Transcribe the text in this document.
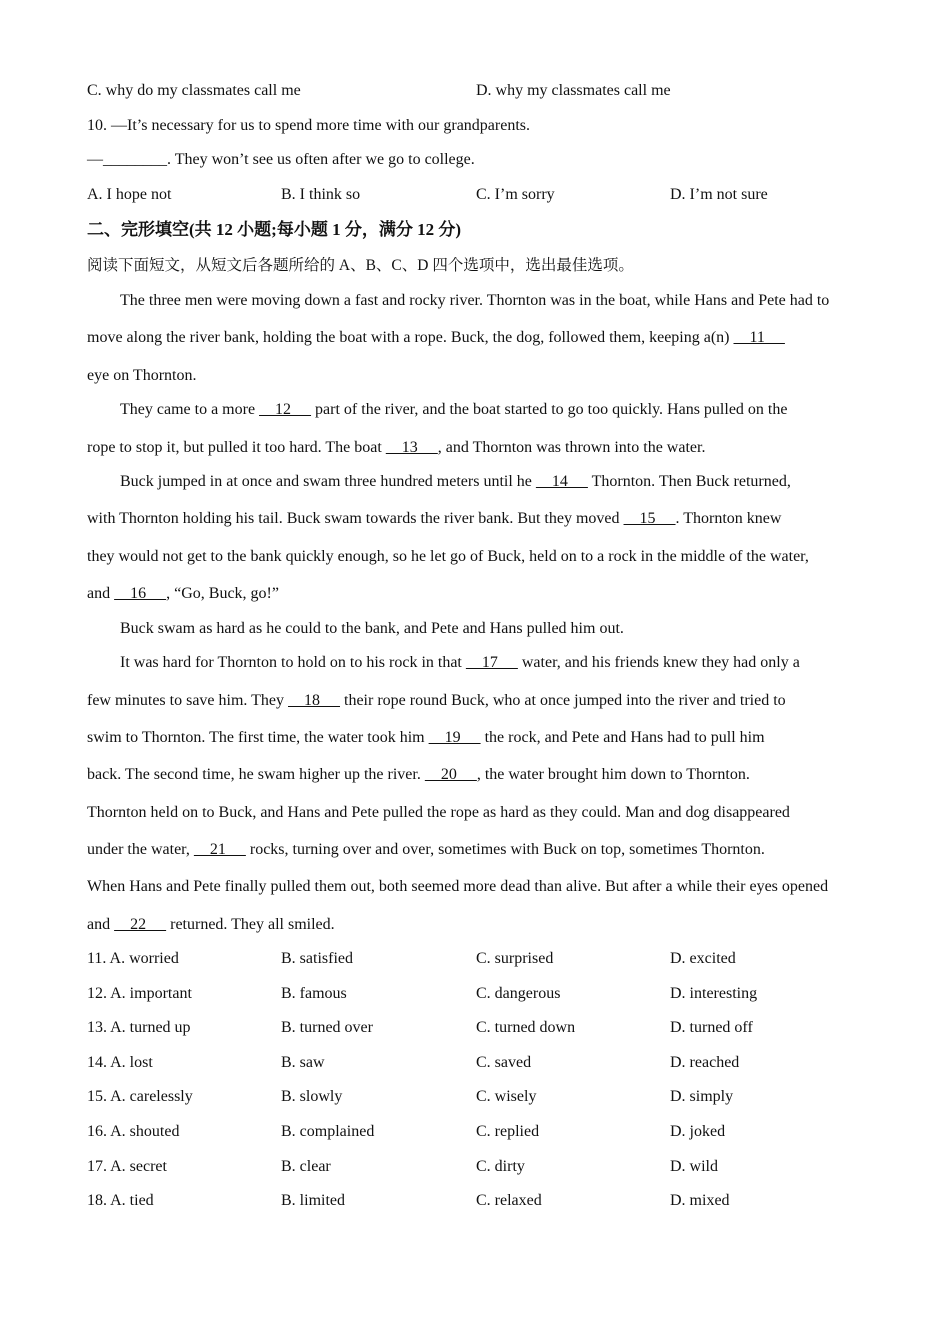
C. why do my classmates call me	D. why my classmates call me
10. —It’s necessary for us to spend more time with our grandparents.
—________. They won’t see us often after we go to college.
A. I hope not	B. I think so	C. I’m sorry	D. I’m not sure
二、完形填空(共 12 小题;每小题 1 分，满分 12 分)
阅读下面短文，从短文后各题所给的 A、B、C、D 四个选项中，选出最佳选项。
The three men were moving down a fast and rocky river. Thornton was in the boat, while Hans and Pete had to
move along the river bank, holding the boat with a rope. Buck, the dog, followed them, keeping a(n)     11
eye on Thornton.
They came to a more     12      part of the river, and the boat started to go too quickly. Hans pulled on the
rope to stop it, but pulled it too hard. The boat     13     , and Thornton was thrown into the water.
Buck jumped in at once and swam three hundred meters until he     14      Thornton. Then Buck returned,
with Thornton holding his tail. Buck swam towards the river bank. But they moved     15     . Thornton knew
they would not get to the bank quickly enough, so he let go of Buck, held on to a rock in the middle of the water,
and     16     , “Go, Buck, go!”
Buck swam as hard as he could to the bank, and Pete and Hans pulled him out.
It was hard for Thornton to hold on to his rock in that     17      water, and his friends knew they had only a
few minutes to save him. They     18      their rope round Buck, who at once jumped into the river and tried to
swim to Thornton. The first time, the water took him     19      the rock, and Pete and Hans had to pull him
back. The second time, he swam higher up the river.     20     , the water brought him down to Thornton.
Thornton held on to Buck, and Hans and Pete pulled the rope as hard as they could. Man and dog disappeared
under the water,     21      rocks, turning over and over, sometimes with Buck on top, sometimes Thornton.
When Hans and Pete finally pulled them out, both seemed more dead than alive. But after a while their eyes opened
and     22      returned. They all smiled.
11. A. worried	B. satisfied	C. surprised	D. excited
12. A. important	B. famous	C. dangerous	D. interesting
13. A. turned up	B. turned over	C. turned down	D. turned off
14. A. lost	B. saw	C. saved	D. reached
15. A. carelessly	B. slowly	C. wisely	D. simply
16. A. shouted	B. complained	C. replied	D. joked
17. A. secret	B. clear	C. dirty	D. wild
18. A. tied	B. limited	C. relaxed	D. mixed
